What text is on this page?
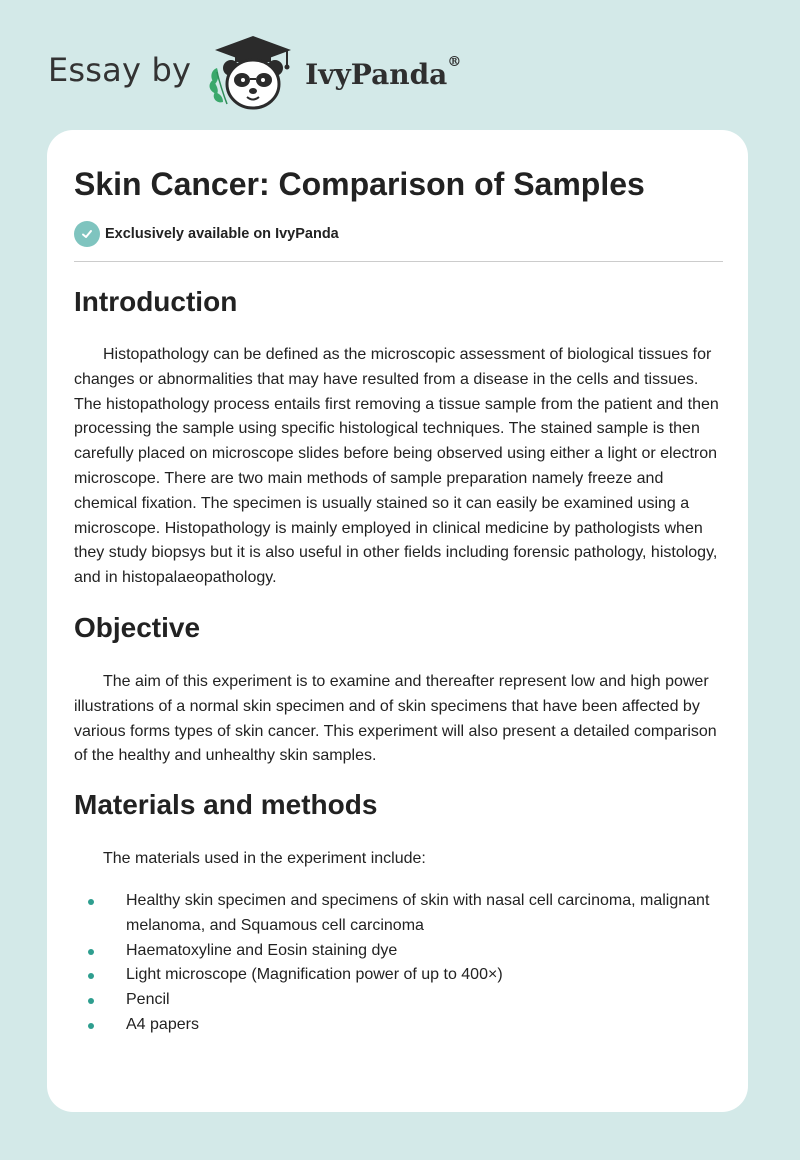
Essay by	IvyPanda®
Skin Cancer: Comparison of Samples
Exclusively available on IvyPanda
Introduction

Histopathology can be defined as the microscopic assessment of biological tissues for changes or abnormalities that may have resulted from a disease in the cells and tissues. The histopathology process entails first removing a tissue sample from the patient and then processing the sample using specific histological techniques. The stained sample is then carefully placed on microscope slides before being observed using either a light or electron microscope. There are two main methods of sample preparation namely freeze and chemical fixation. The specimen is usually stained so it can easily be examined using a microscope. Histopathology is mainly employed in clinical medicine by pathologists when they study biopsys but it is also useful in other fields including forensic pathology, histology, and in histopalaeopathology.

Objective

The aim of this experiment is to examine and thereafter represent low and high power illustrations of a normal skin specimen and of skin specimens that have been affected by various forms types of skin cancer. This experiment will also present a detailed comparison of the healthy and unhealthy skin samples.

Materials and methods

The materials used in the experiment include:

Healthy skin specimen and specimens of skin with nasal cell carcinoma, malignant melanoma, and Squamous cell carcinoma
Haematoxyline and Eosin staining dye
Light microscope (Magnification power of up to 400×)
Pencil
A4 papers
